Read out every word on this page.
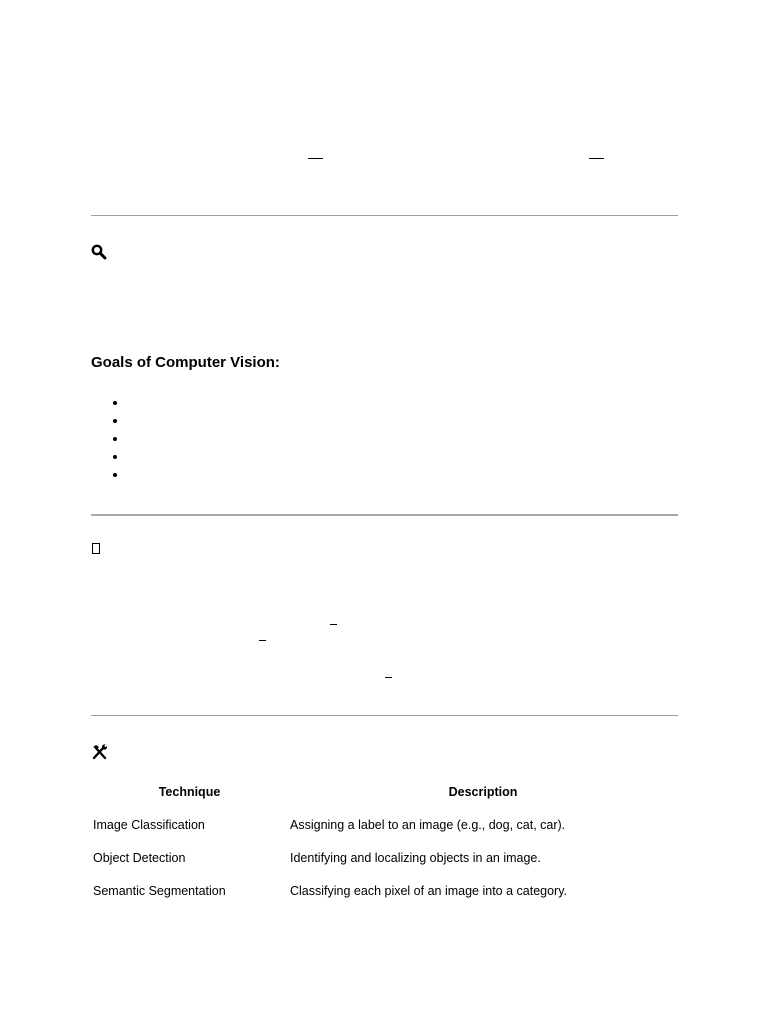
Goals of Computer Vision:
Technique	Description
Image Classification	Assigning a label to an image (e.g., dog, cat, car).
Object Detection	Identifying and localizing objects in an image.
Semantic Segmentation	Classifying each pixel of an image into a category.
